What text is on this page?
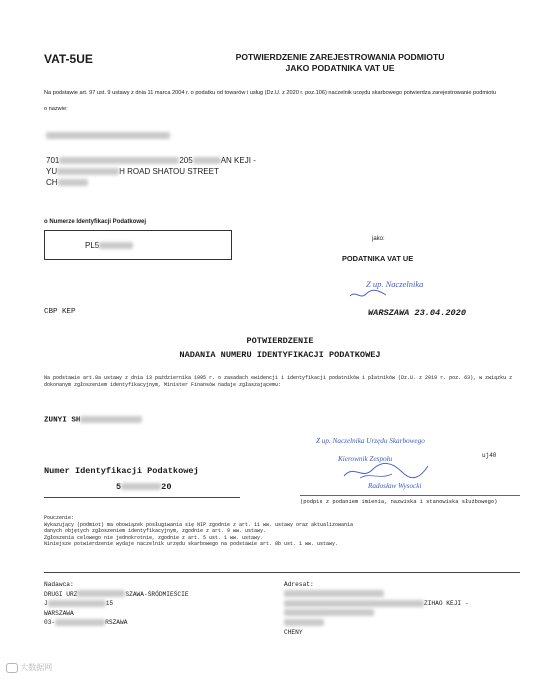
VAT-5UE	POTWIERDZENIE ZAREJESTROWANIA PODMIOTU
JAKO PODATNIKA VAT UE
Na podstawie art. 97 ust. 9 ustawy z dnia 11 marca 2004 r. o podatku od towarów i usług (Dz.U. z 2020 r. poz.106) naczelnik urzędu skarbowego potwierdza zarejestrowanie podmiotu
o nazwie:
701	205	AN KEJI -
YU	H ROAD SHATOU STREET
CH
o Numerze Identyfikacji Podatkowej
PL5
jako:
PODATNIKA VAT UE
Z up. Naczelnika
CBP KEP	WARSZAWA 23.04.2020
POTWIERDZENIE
NADANIA NUMERU IDENTYFIKACJI PODATKOWEJ
Na podstawie art.8a ustawy z dnia 13 października 1995 r. o zasadach ewidencji i identyfikacji podatników i płatników (Dz.U. z 2019 r. poz. 63), w związku z dokonanym zgłoszeniem identyfikacyjnym, Minister Finansów nadaje zgłaszającemu:
ZUNYI SH
Z up. Naczelnika Urzędu Skarbowego
Kierownik Zespołu
Radosław Wysocki
uj40
Numer Identyfikacji Podatkowej
5	20
(podpis z podaniem imienia, nazwiska i stanowiska służbowego)
Pouczenie:
Wykazujący (podmiot) ma obowiązek posługiwania się NIP zgodnie z art. 11 ww. ustawy oraz aktualizowania
danych objętych zgłoszeniem identyfikacyjnym, zgodnie z art. 9 ww. ustawy.
Zgłoszenia celowego nie jednokrotnie, zgodnie z art. 5 ust. 1 ww. ustawy.
Niniejsze potwierdzenie wydaje naczelnik urzędu skarbowego na podstawie art. 8b ust. 1 ww. ustawy.
Nadawca:
DRUGI URZ	SZAWA-ŚRÓDMIEŚCIE
J	15
WARSZAWA
03-	RSZAWA
Adresat:
ZIHAO KEJI -
CHENY
大数据网
